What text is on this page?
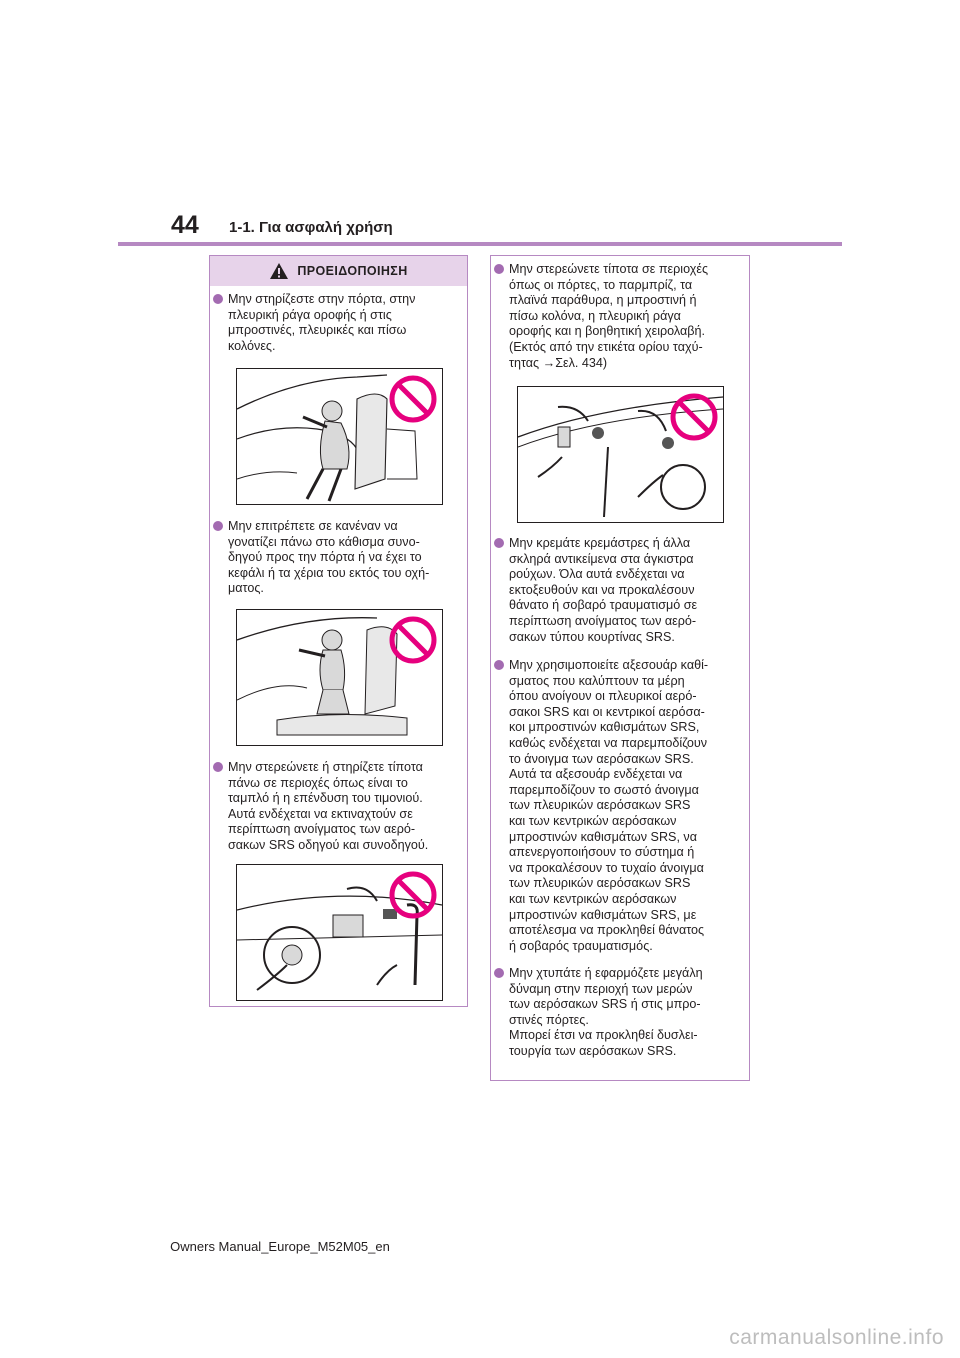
44 1-1. Για ασφαλή χρήση
ΠΡΟΕΙΔΟΠΟΙΗΣΗ

Μην στηρίζεστε στην πόρτα, στην
πλευρική ράγα οροφής ή στις
μπροστινές, πλευρικές και πίσω
κολόνες.

Μην επιτρέπετε σε κανέναν να
γονατίζει πάνω στο κάθισμα συνο-
δηγού προς την πόρτα ή να έχει το
κεφάλι ή τα χέρια του εκτός του οχή-
ματος.

Μην στερεώνετε ή στηρίζετε τίποτα
πάνω σε περιοχές όπως είναι το
ταμπλό ή η επένδυση του τιμονιού.
Αυτά ενδέχεται να εκτιναχτούν σε
περίπτωση ανοίγματος των αερό-
σακων SRS οδηγού και συνοδηγού.

Μην στερεώνετε τίποτα σε περιοχές
όπως οι πόρτες, το παρμπρίζ, τα
πλαϊνά παράθυρα, η μπροστινή ή
πίσω κολόνα, η πλευρική ράγα
οροφής και η βοηθητική χειρολαβή.
(Εκτός από την ετικέτα ορίου ταχύ-
τητας →Σελ. 434)

Μην κρεμάτε κρεμάστρες ή άλλα
σκληρά αντικείμενα στα άγκιστρα
ρούχων. Όλα αυτά ενδέχεται να
εκτοξευθούν και να προκαλέσουν
θάνατο ή σοβαρό τραυματισμό σε
περίπτωση ανοίγματος των αερό-
σακων τύπου κουρτίνας SRS.

Μην χρησιμοποιείτε αξεσουάρ καθί-
σματος που καλύπτουν τα μέρη
όπου ανοίγουν οι πλευρικοί αερό-
σακοι SRS και οι κεντρικοί αερόσα-
κοι μπροστινών καθισμάτων SRS,
καθώς ενδέχεται να παρεμποδίζουν
το άνοιγμα των αερόσακων SRS.
Αυτά τα αξεσουάρ ενδέχεται να
παρεμποδίζουν το σωστό άνοιγμα
των πλευρικών αερόσακων SRS
και των κεντρικών αερόσακων
μπροστινών καθισμάτων SRS, να
απενεργοποιήσουν το σύστημα ή
να προκαλέσουν το τυχαίο άνοιγμα
των πλευρικών αερόσακων SRS
και των κεντρικών αερόσακων
μπροστινών καθισμάτων SRS, με
αποτέλεσμα να προκληθεί θάνατος
ή σοβαρός τραυματισμός.

Μην χτυπάτε ή εφαρμόζετε μεγάλη
δύναμη στην περιοχή των μερών
των αερόσακων SRS ή στις μπρο-
στινές πόρτες.
Μπορεί έτσι να προκληθεί δυσλει-
τουργία των αερόσακων SRS.

Owners Manual_Europe_M52M05_en
carmanualsonline.info
